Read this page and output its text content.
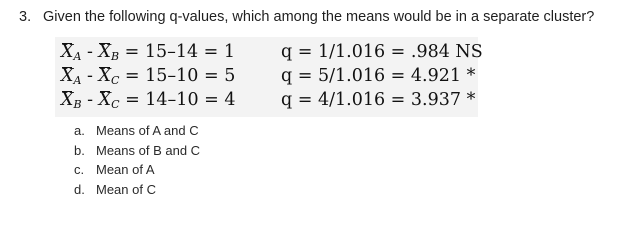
3. Given the following q-values, which among the means would be in a separate cluster?
$X_A - X_B = 15-14 = 1$	q = 1/1.016 = .984 NS
$X_A - X_C = 15-10 = 5$	q = 5/1.016 = 4.921 *
$X_B - X_C = 14-10 = 4$	q = 4/1.016 = 3.937 *
a. Means of A and C
b. Means of B and C
c. Mean of A
d. Mean of C
